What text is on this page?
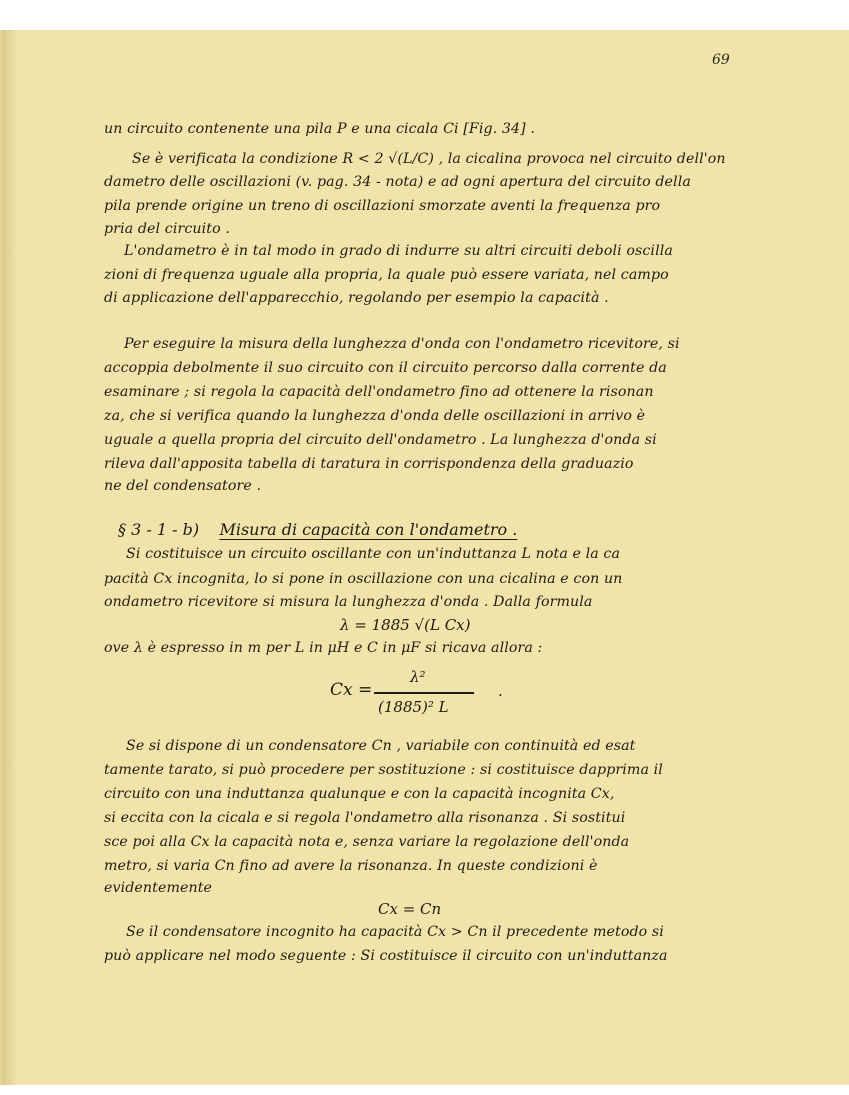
69
un circuito contenente una pila P e una cicala Ci [Fig. 34] .
Se è verificata la condizione R < 2 √(L/C) , la cicalina provoca nel circuito dell'on
dametro delle oscillazioni (v. pag. 34 - nota) e ad ogni apertura del circuito della
pila prende origine un treno di oscillazioni smorzate aventi la frequenza pro
pria del circuito .
L'ondametro è in tal modo in grado di indurre su altri circuiti deboli oscilla
zioni di frequenza uguale alla propria, la quale può essere variata, nel campo
di applicazione dell'apparecchio, regolando per esempio la capacità .
Per eseguire la misura della lunghezza d'onda con l'ondametro ricevitore, si
accoppia debolmente il suo circuito con il circuito percorso dalla corrente da
esaminare ; si regola la capacità dell'ondametro fino ad ottenere la risonan
za, che si verifica quando la lunghezza d'onda delle oscillazioni in arrivo è
uguale a quella propria del circuito dell'ondametro . La lunghezza d'onda si
rileva dall'apposita tabella di taratura in corrispondenza della graduazio
ne del condensatore .
§ 3 - 1 - b) Misura di capacità con l'ondametro .
Si costituisce un circuito oscillante con un'induttanza L nota e la ca
pacità Cx incognita, lo si pone in oscillazione con una cicalina e con un
ondametro ricevitore si misura la lunghezza d'onda . Dalla formula
λ = 1885 √(L Cx)
ove λ è espresso in m per L in μH e C in μF si ricava allora :
Cx =
λ²
(1885)² L
.
Se si dispone di un condensatore Cn , variabile con continuità ed esat
tamente tarato, si può procedere per sostituzione : si costituisce dapprima il
circuito con una induttanza qualunque e con la capacità incognita Cx,
si eccita con la cicala e si regola l'ondametro alla risonanza . Si sostitui
sce poi alla Cx la capacità nota e, senza variare la regolazione dell'onda
metro, si varia Cn fino ad avere la risonanza. In queste condizioni è
evidentemente
Cx = Cn
Se il condensatore incognito ha capacità Cx > Cn il precedente metodo si
può applicare nel modo seguente : Si costituisce il circuito con un'induttanza
